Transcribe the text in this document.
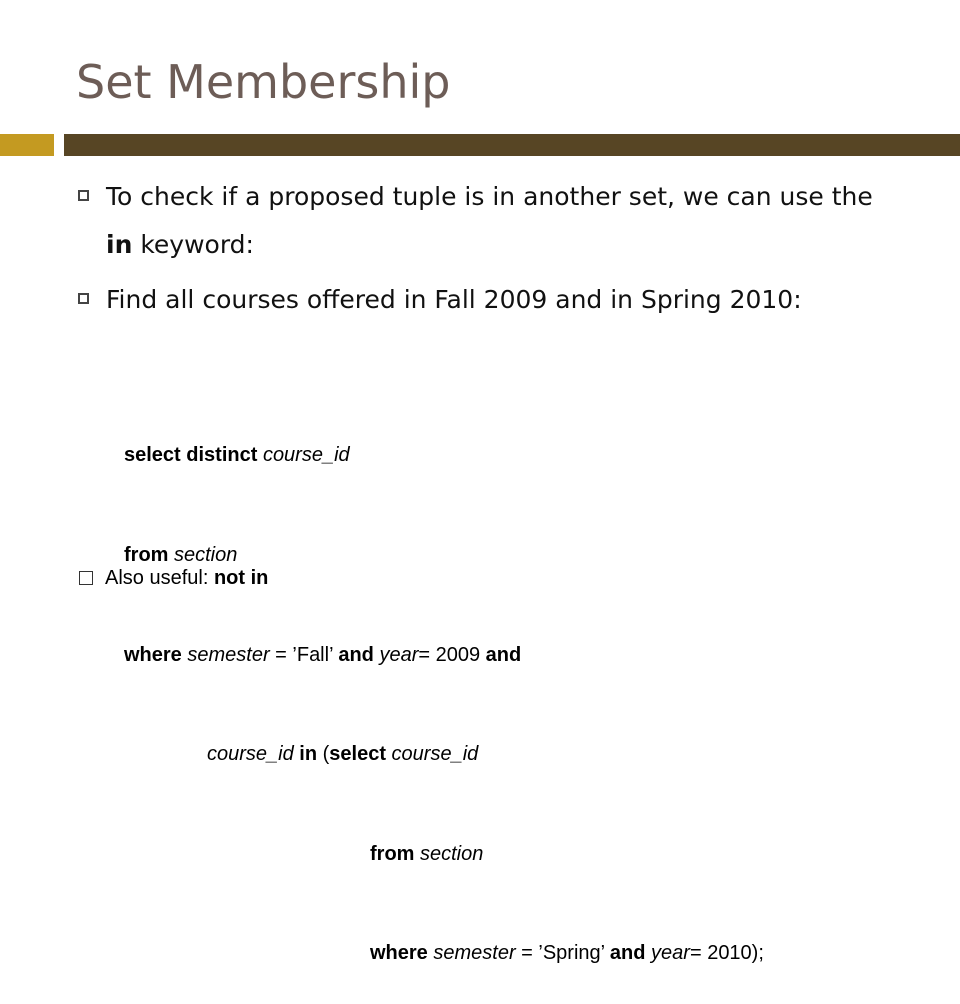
Set Membership
To check if a proposed tuple is in another set, we can use the in keyword:
Find all courses offered in Fall 2009 and in Spring 2010:

select distinct course_id

from section

where semester = ’Fall’ and year= 2009 and

course_id in (select course_id

from section

where semester = ’Spring’ and year= 2010);

Also useful: not in
